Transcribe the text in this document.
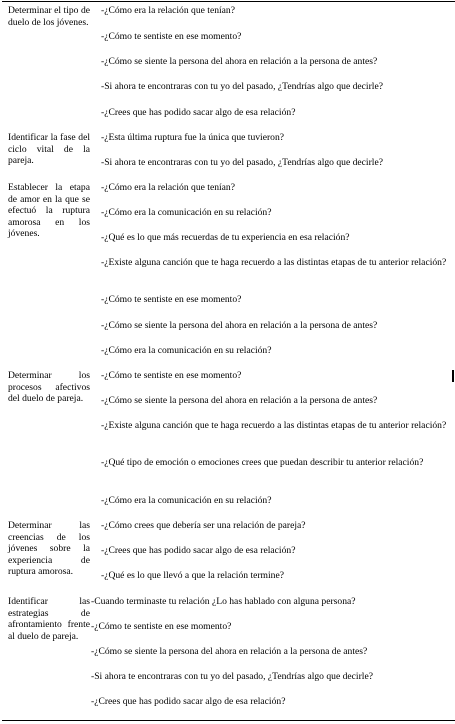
Determinar el tipo de duelo de los jóvenes.
-¿Cómo era la relación que tenían?
-¿Cómo te sentiste en ese momento?
-¿Cómo se siente la persona del ahora en relación a la persona de antes?
-Si ahora te encontraras con tu yo del pasado, ¿Tendrías algo que decirle?
-¿Crees que has podido sacar algo de esa relación?
Identificar la fase del ciclo vital de la pareja.
-¿Esta última ruptura fue la única que tuvieron?
-Si ahora te encontraras con tu yo del pasado, ¿Tendrías algo que decirle?
Establecer la etapa de amor en la que se efectuó la ruptura amorosa en los jóvenes.
-¿Cómo era la relación que tenían?
-¿Cómo era la comunicación en su relación?
-¿Qué es lo que más recuerdas de tu experiencia en esa relación?
-¿Existe alguna canción que te haga recuerdo a las distintas etapas de tu anterior relación?
-¿Cómo te sentiste en ese momento?
-¿Cómo se siente la persona del ahora en relación a la persona de antes?
-¿Cómo era la comunicación en su relación?
Determinar los procesos afectivos del duelo de pareja.
-¿Cómo te sentiste en ese momento?
-¿Cómo se siente la persona del ahora en relación a la persona de antes?
-¿Existe alguna canción que te haga recuerdo a las distintas etapas de tu anterior relación?
-¿Qué tipo de emoción o emociones crees que puedan describir tu anterior relación?
-¿Cómo era la comunicación en su relación?
Determinar las creencias de los jóvenes sobre la experiencia de ruptura amorosa.
-¿Cómo crees que debería ser una relación de pareja?
-¿Crees que has podido sacar algo de esa relación?
-¿Qué es lo que llevó a que la relación termine?
Identificar las estrategias de afrontamiento frente al duelo de pareja.
-Cuando terminaste tu relación ¿Lo has hablado con alguna persona?
-¿Cómo te sentiste en ese momento?
-¿Cómo se siente la persona del ahora en relación a la persona de antes?
-Si ahora te encontraras con tu yo del pasado, ¿Tendrías algo que decirle?
-¿Crees que has podido sacar algo de esa relación?
